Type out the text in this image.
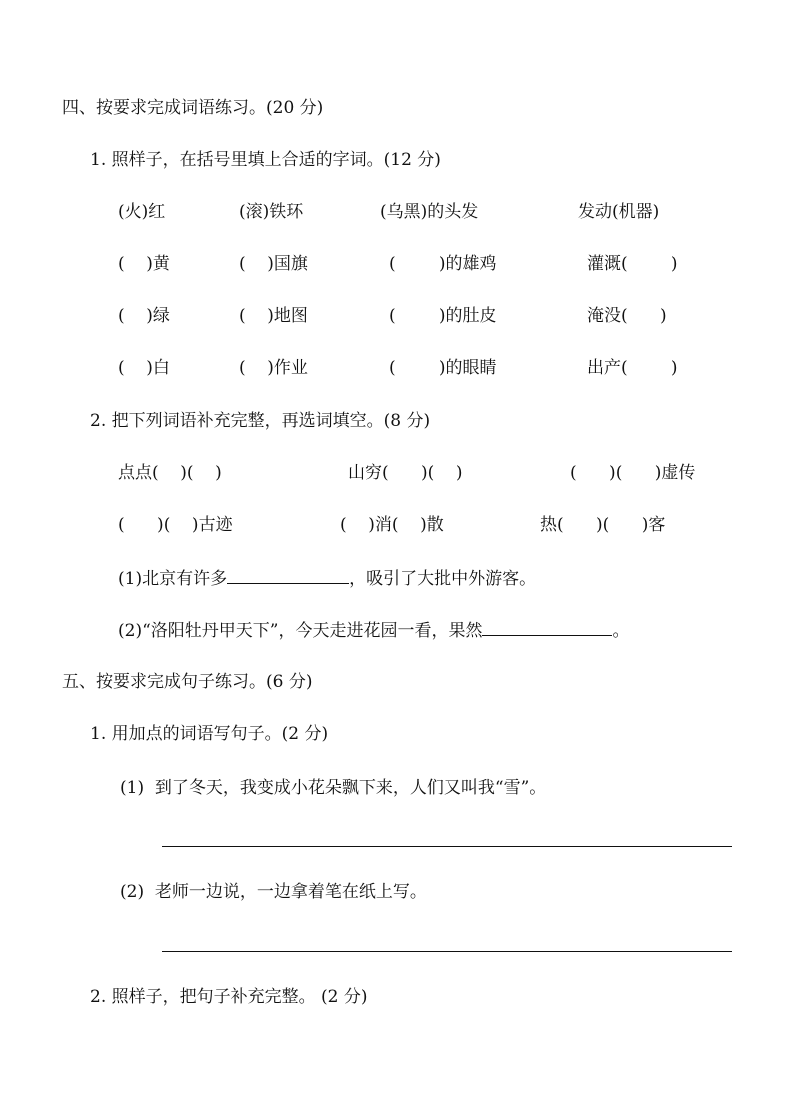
四、按要求完成词语练习。(20 分)
1. 照样子，在括号里填上合适的字词。(12 分)
(火)红	(滚)铁环	(乌黑)的头发	发动(机器)
(    )黄	(    )国旗	(        )的雄鸡	灌溉(        )
(    )绿	(    )地图	(        )的肚皮	淹没(      )
(    )白	(    )作业	(        )的眼睛	出产(        )
2. 把下列词语补充完整，再选词填空。(8 分)
点点(    )(    )	山穷(      )(    )	(      )(      )虚传
(      )(    )古迹	(    )消(    )散	热(      )(      )客
(1)北京有许多	，吸引了大批中外游客。
(2)“洛阳牡丹甲天下”，今天走进花园一看，果然	。
五、按要求完成句子练习。(6 分)
1. 用加点的词语写句子。(2 分)
(1)  到了冬天，我变成小花朵飘下来，人们又叫我“雪”。
(2)  老师一边说，一边拿着笔在纸上写。
2. 照样子，把句子补充完整。 (2 分)
